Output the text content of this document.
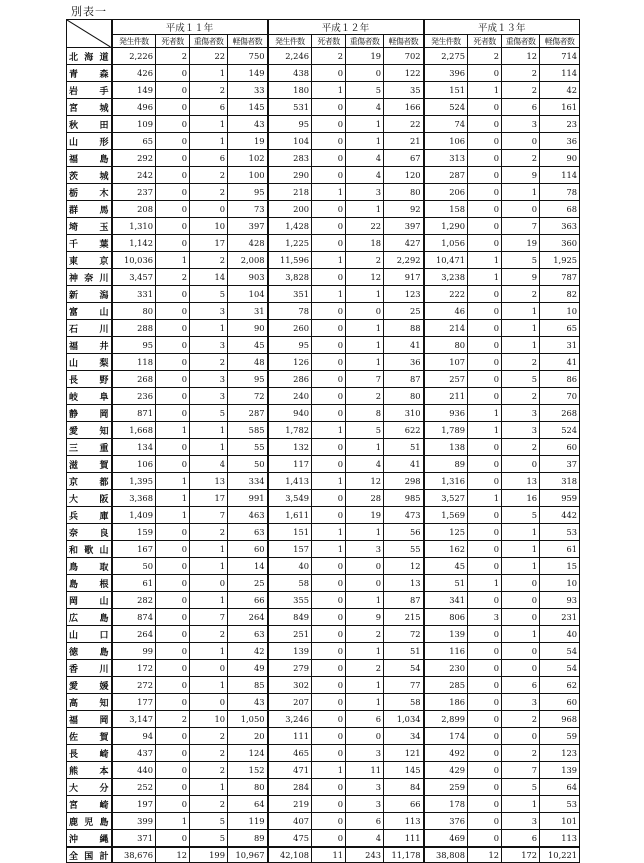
別表一
	平成１１年				平成１２年				平成１３年			
	発生件数	死者数	重傷者数	軽傷者数	発生件数	死者数	重傷者数	軽傷者数	発生件数	死者数	重傷者数	軽傷者数
北海道	2,226	2	22	750	2,246	2	19	702	2,275	2	12	714
青森	426	0	1	149	438	0	0	122	396	0	2	114
岩手	149	0	2	33	180	1	5	35	151	1	2	42
宮城	496	0	6	145	531	0	4	166	524	0	6	161
秋田	109	0	1	43	95	0	1	22	74	0	3	23
山形	65	0	1	19	104	0	1	21	106	0	0	36
福島	292	0	6	102	283	0	4	67	313	0	2	90
茨城	242	0	2	100	290	0	4	120	287	0	9	114
栃木	237	0	2	95	218	1	3	80	206	0	1	78
群馬	208	0	0	73	200	0	1	92	158	0	0	68
埼玉	1,310	0	10	397	1,428	0	22	397	1,290	0	7	363
千葉	1,142	0	17	428	1,225	0	18	427	1,056	0	19	360
東京	10,036	1	2	2,008	11,596	1	2	2,292	10,471	1	5	1,925
神奈川	3,457	2	14	903	3,828	0	12	917	3,238	1	9	787
新潟	331	0	5	104	351	1	1	123	222	0	2	82
富山	80	0	3	31	78	0	0	25	46	0	1	10
石川	288	0	1	90	260	0	1	88	214	0	1	65
福井	95	0	3	45	95	0	1	41	80	0	1	31
山梨	118	0	2	48	126	0	1	36	107	0	2	41
長野	268	0	3	95	286	0	7	87	257	0	5	86
岐阜	236	0	3	72	240	0	2	80	211	0	2	70
静岡	871	0	5	287	940	0	8	310	936	1	3	268
愛知	1,668	1	1	585	1,782	1	5	622	1,789	1	3	524
三重	134	0	1	55	132	0	1	51	138	0	2	60
滋賀	106	0	4	50	117	0	4	41	89	0	0	37
京都	1,395	1	13	334	1,413	1	12	298	1,316	0	13	318
大阪	3,368	1	17	991	3,549	0	28	985	3,527	1	16	959
兵庫	1,409	1	7	463	1,611	0	19	473	1,569	0	5	442
奈良	159	0	2	63	151	1	1	56	125	0	1	53
和歌山	167	0	1	60	157	1	3	55	162	0	1	61
鳥取	50	0	1	14	40	0	0	12	45	0	1	15
島根	61	0	0	25	58	0	0	13	51	1	0	10
岡山	282	0	1	66	355	0	1	87	341	0	0	93
広島	874	0	7	264	849	0	9	215	806	3	0	231
山口	264	0	2	63	251	0	2	72	139	0	1	40
徳島	99	0	1	42	139	0	1	51	116	0	0	54
香川	172	0	0	49	279	0	2	54	230	0	0	54
愛媛	272	0	1	85	302	0	1	77	285	0	6	62
高知	177	0	0	43	207	0	1	58	186	0	3	60
福岡	3,147	2	10	1,050	3,246	0	6	1,034	2,899	0	2	968
佐賀	94	0	2	20	111	0	0	34	174	0	0	59
長崎	437	0	2	124	465	0	3	121	492	0	2	123
熊本	440	0	2	152	471	1	11	145	429	0	7	139
大分	252	0	1	80	284	0	3	84	259	0	5	64
宮崎	197	0	2	64	219	0	3	66	178	0	1	53
鹿児島	399	1	5	119	407	0	6	113	376	0	3	101
沖縄	371	0	5	89	475	0	4	111	469	0	6	113
全国計	38,676	12	199	10,967	42,108	11	243	11,178	38,808	12	172	10,221
